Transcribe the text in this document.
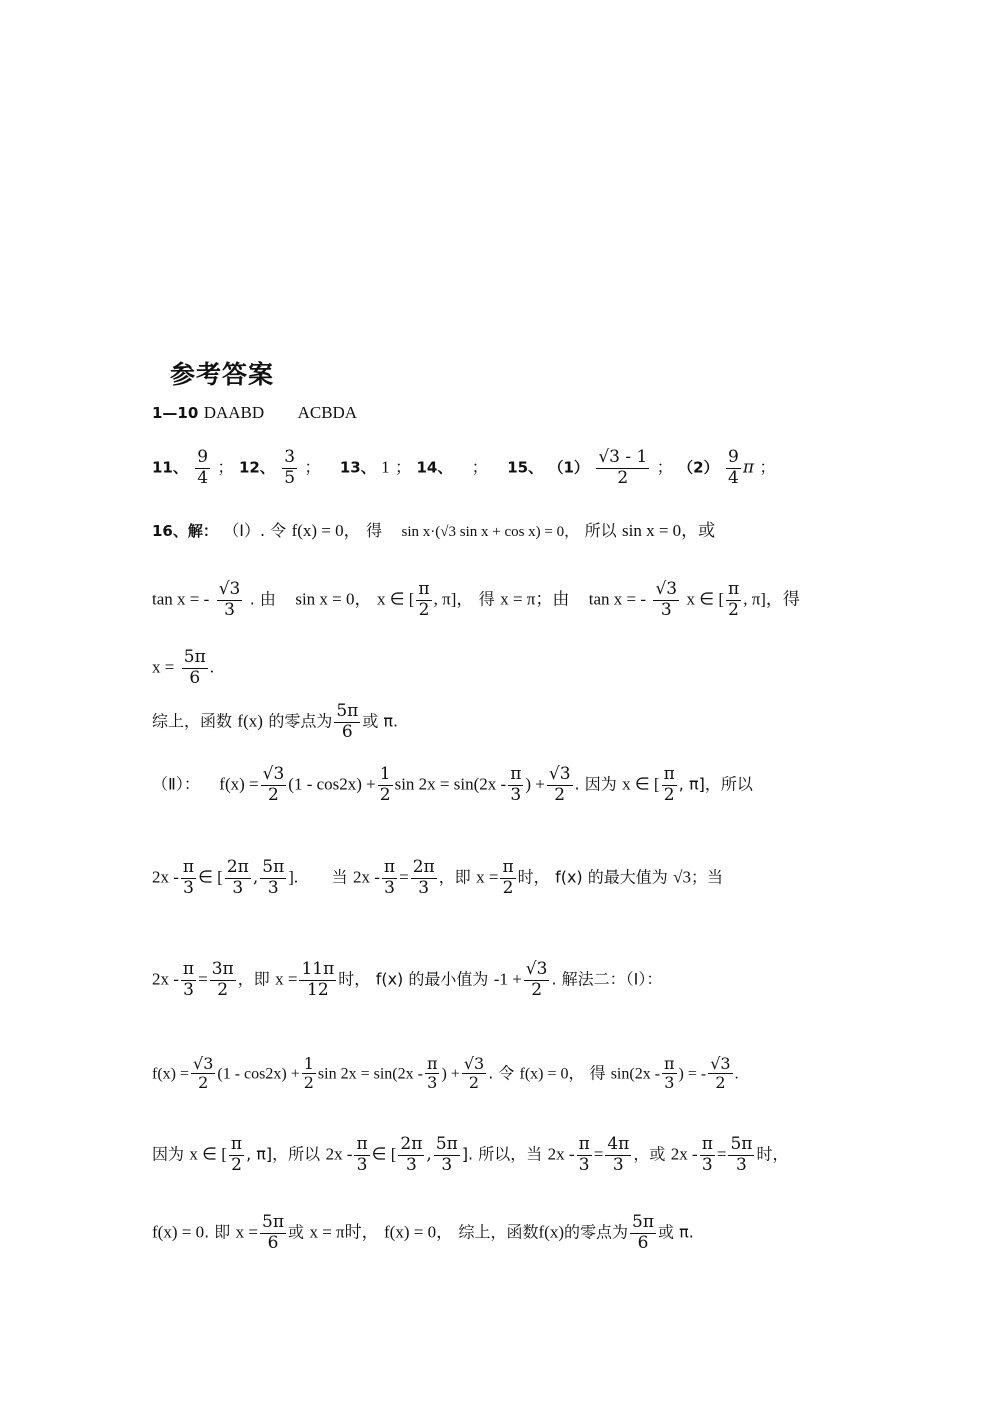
参考答案
1—10 DAABD ACBDA
11、 $\frac{9}{4}$ ； 12、 $\frac{3}{5}$ ； 13、 1 ； 14、 ； 15、 $(1) \frac{√3 - 1}{2}$ ； $(2) \frac{9}{4}$ π ；
16、解： （Ⅰ）. 令 f(x) = 0， 得 sin x·(√3 sin x + cos x) = 0， 所以 sin x = 0，或
tan x = - $\frac{√3}{3}$ . 由 sin x = 0， x ∈ [ $\frac{\pi}{2}$ , π]， 得 x = π；由 tan x = - $\frac{√3}{3}$ x ∈ [ $\frac{\pi}{2}$ , π]，得
$x = \frac{5\pi}{6}$ .
综上，函数 f(x) 的零点为 $\frac{5\pi}{6}$ 或 π.
（Ⅱ）： $f(x) = \frac{√3}{2} (1 - \cos 2x) + \frac{1}{2}$ $\sin 2x = \sin(2x - \frac{\pi}{3}$ ) + $\frac{√3}{2}$ . 因为 x ∈ [ $\frac{\pi}{2}$ , π]，所以
$2x - \frac{\pi}{3}$ ∈ [ $\frac{2\pi}{3}$ , $\frac{5\pi}{3}$ ]. 当 $2x - \frac{\pi}{3} = \frac{2\pi}{3}$ ，即 $x = \frac{\pi}{2}$ 时， f(x) 的最大值为 √3；当
$2x - \frac{\pi}{3} = \frac{3\pi}{2}$ ，即 $x = \frac{11\pi}{12}$ 时， f(x) 的最小值为 $-1 + \frac{√3}{2}$ . 解法二：（Ⅰ）：
$f(x) = \frac{√3}{2} (1 - \cos 2x) + \frac{1}{2}$ $\sin 2x = \sin(2x - \frac{\pi}{3}$ ) + $\frac{√3}{2}$ . 令 f(x) = 0， 得 $\sin(2x - \frac{\pi}{3}$ ) = - $\frac{√3}{2}$ .
因为 x ∈ [ $\frac{\pi}{2}$ , π]，所以 $2x - \frac{\pi}{3}$ ∈ [ $\frac{2\pi}{3}$ , $\frac{5\pi}{3}$ ]. 所以，当 $2x - \frac{\pi}{3} = \frac{4\pi}{3}$ ，或 $2x - \frac{\pi}{3} = \frac{5\pi}{3}$ 时，
f(x) = 0. 即 $x = \frac{5\pi}{6}$ 或 x = π时， f(x) = 0， 综上，函数f(x)的零点为 $\frac{5\pi}{6}$ 或 π.
